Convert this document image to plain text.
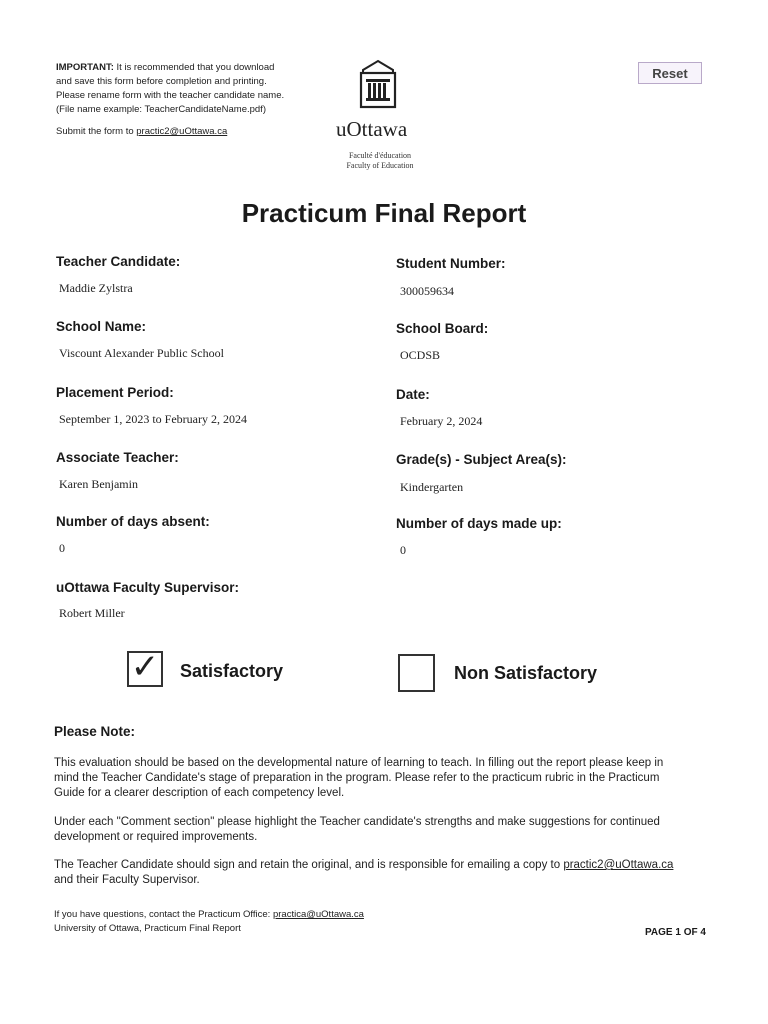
IMPORTANT: It is recommended that you download
and save this form before completion and printing.
Please rename form with the teacher candidate name.
(File name example: TeacherCandidateName.pdf)
Submit the form to practic2@uOttawa.ca	uOttawa
Faculté d'éducation
Faculty of Education
Reset
Practicum Final Report
Teacher Candidate:
Maddie Zylstra
School Name:
Viscount Alexander Public School
Placement Period:
September 1, 2023 to February 2, 2024
Associate Teacher:
Karen Benjamin
Number of days absent:
0
uOttawa Faculty Supervisor:
Robert Miller
Student Number:
300059634
School Board:
OCDSB
Date:
February 2, 2024
Grade(s) - Subject Area(s):
Kindergarten
Number of days made up:
0
✓ Satisfactory	Non Satisfactory
Please Note:
This evaluation should be based on the developmental nature of learning to teach. In filling out the report please keep in
mind the Teacher Candidate's stage of preparation in the program. Please refer to the practicum rubric in the Practicum
Guide for a clearer description of each competency level.
Under each "Comment section" please highlight the Teacher candidate's strengths and make suggestions for continued
development or required improvements.
The Teacher Candidate should sign and retain the original, and is responsible for emailing a copy to practic2@uOttawa.ca
and their Faculty Supervisor.
If you have questions, contact the Practicum Office: practica@uOttawa.ca
University of Ottawa, Practicum Final Report	PAGE 1 OF 4
